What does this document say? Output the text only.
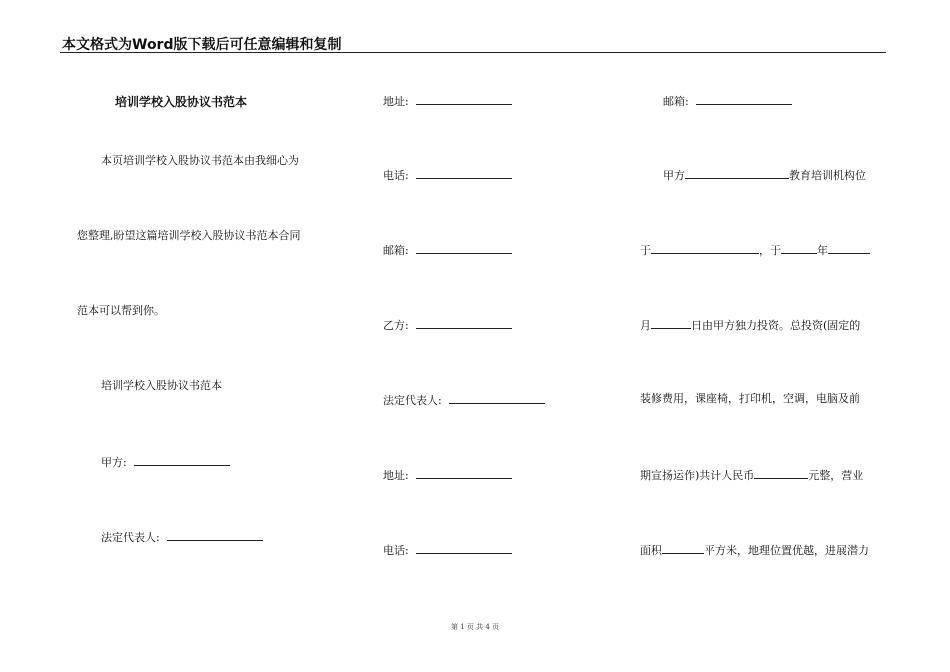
本文格式为Word版下载后可任意编辑和复制
培训学校入股协议书范本
本页培训学校入股协议书范本由我细心为
您整理,盼望这篇培训学校入股协议书范本合同
范本可以帮到你。
培训学校入股协议书范本
甲方:
法定代表人:
地址:
电话:
邮箱:
乙方:
法定代表人:
地址:
电话:
邮箱:
甲方	教育培训机构位
于	，于	年
月	日由甲方独力投资。总投资(固定的
装修费用，课座椅，打印机，空调，电脑及前
期宣扬运作)共计人民币	元整，营业
面积	平方米，地理位置优越，进展潜力
第 1 页 共 4 页
